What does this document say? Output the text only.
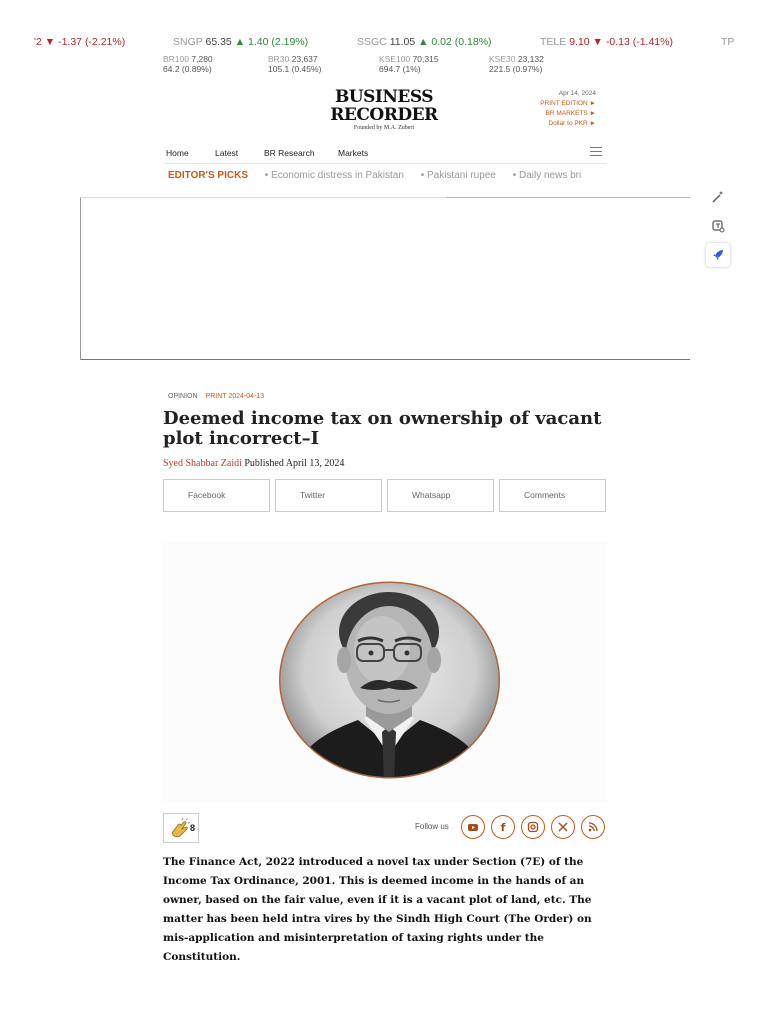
'2 ▼ -1.37 (-2.21%)	SNGP 65.35 ▲ 1.40 (2.19%)	SSGC 11.05 ▲ 0.02 (0.18%)	TELE 9.10 ▼ -0.13 (-1.41%)	TP
BR100 7,280
64.2 (0.89%)
BR30 23,637
105.1 (0.45%)
KSE100 70,315
694.7 (1%)
KSE30 23,132
221.5 (0.97%)
BUSINESS
RECORDER
Founded by M.A. Zuberi
Apr 14, 2024
PRINT EDITION ►
BR MARKETS ►
Dollar to PKR ►
Home	Latest	BR Research	Markets
EDITOR'S PICKS • Economic distress in Pakistan • Pakistani rupee • Daily news bri
OPINION PRINT 2024-04-13
Deemed income tax on ownership of vacant plot incorrect–I
Syed Shabbar Zaidi Published April 13, 2024
Facebook	Twitter	Whatsapp	Comments
8	Follow us	f

The Finance Act, 2022 introduced a novel tax under Section (7E) of the Income Tax Ordinance, 2001. This is deemed income in the hands of an owner, based on the fair value, even if it is a vacant plot of land, etc. The matter has been held intra vires by the Sindh High Court (The Order) on mis-application and misinterpretation of taxing rights under the Constitution.
